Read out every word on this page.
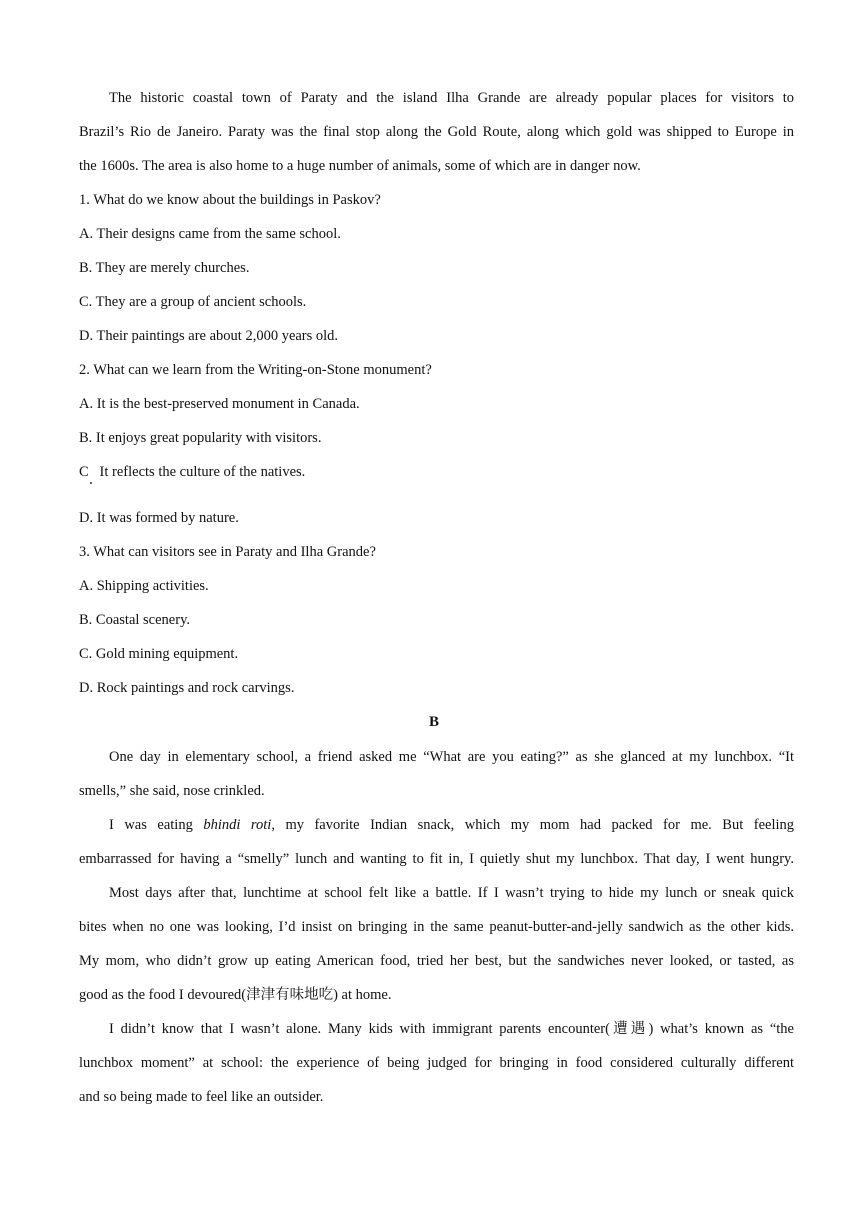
The historic coastal town of Paraty and the island Ilha Grande are already popular places for visitors to
Brazil’s Rio de Janeiro. Paraty was the final stop along the Gold Route, along which gold was shipped to Europe in
the 1600s. The area is also home to a huge number of animals, some of which are in danger now.
1. What do we know about the buildings in Paskov?
A. Their designs came from the same school.
B. They are merely churches.
C. They are a group of ancient schools.
D. Their paintings are about 2,000 years old.
2. What can we learn from the Writing-on-Stone monument?
A. It is the best-preserved monument in Canada.
B. It enjoys great popularity with visitors.
C   It reflects the culture of the natives.
D. It was formed by nature.
3. What can visitors see in Paraty and Ilha Grande?
A. Shipping activities.
B. Coastal scenery.
C. Gold mining equipment.
D. Rock paintings and rock carvings.
B
One day in elementary school, a friend asked me “What are you eating?” as she glanced at my lunchbox. “It
smells,” she said, nose crinkled.
I was eating bhindi roti, my favorite Indian snack, which my mom had packed for me. But feeling
embarrassed for having a “smelly” lunch and wanting to fit in, I quietly shut my lunchbox. That day, I went hungry.
Most days after that, lunchtime at school felt like a battle. If I wasn’t trying to hide my lunch or sneak quick
bites when no one was looking, I’d insist on bringing in the same peanut-butter-and-jelly sandwich as the other kids.
My mom, who didn’t grow up eating American food, tried her best, but the sandwiches never looked, or tasted, as
good as the food I devoured(津津有味地吃) at home.
I didn’t know that I wasn’t alone. Many kids with immigrant parents encounter(遭遇) what’s known as “the
lunchbox moment” at school: the experience of being judged for bringing in food considered culturally different
and so being made to feel like an outsider.
